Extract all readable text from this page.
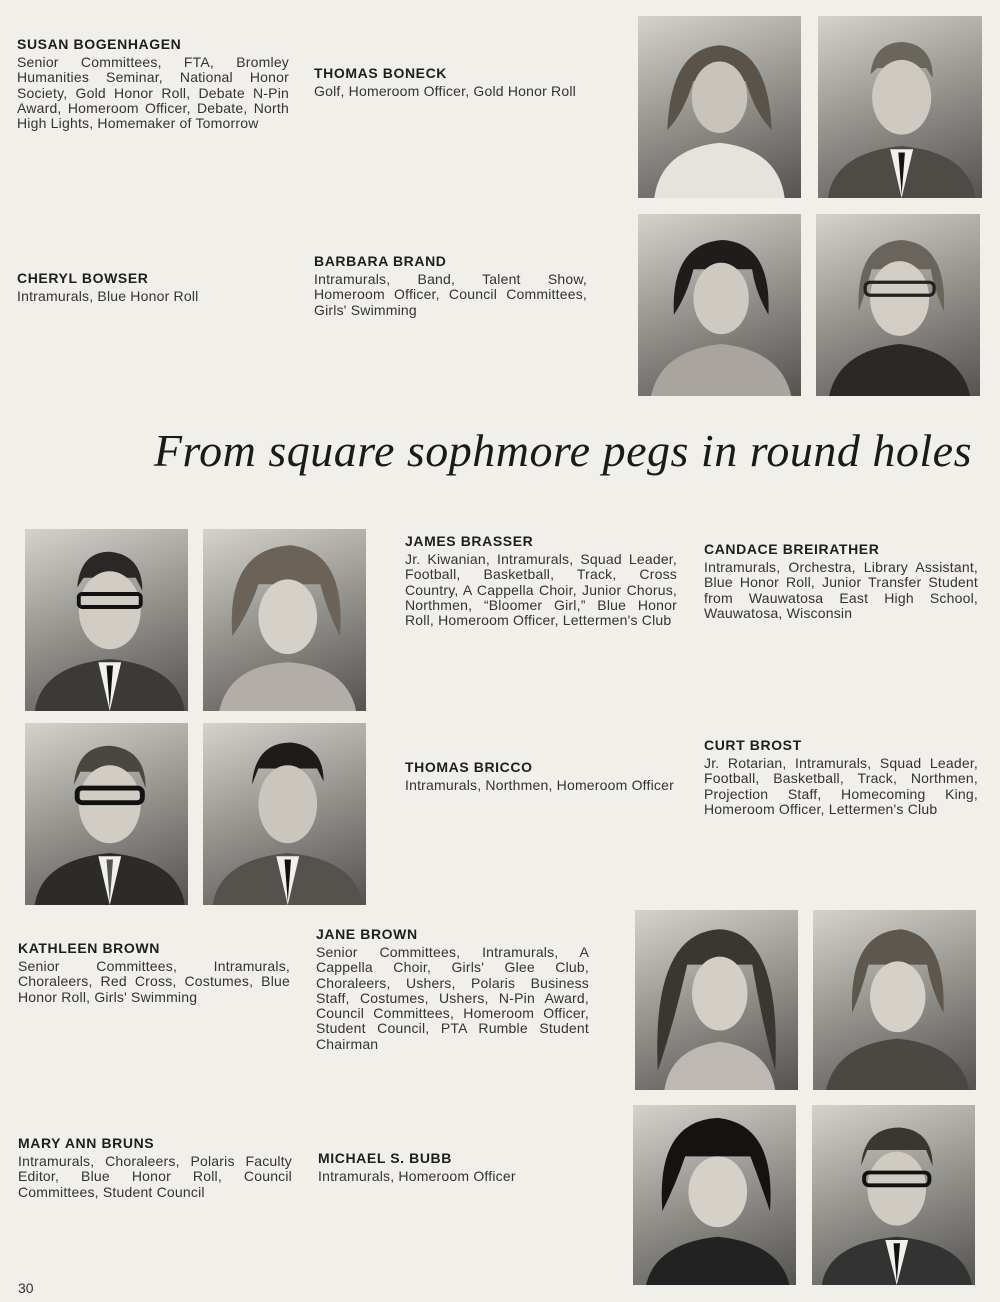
SUSAN BOGENHAGEN
Senior Committees, FTA, Bromley Humanities Seminar, National Honor Society, Gold Honor Roll, Debate N-Pin Award, Homeroom Officer, Debate, North High Lights, Homemaker of Tomorrow
THOMAS BONECK
Golf, Homeroom Officer, Gold Honor Roll
CHERYL BOWSER
Intramurals, Blue Honor Roll
BARBARA BRAND
Intramurals, Band, Talent Show, Homeroom Officer, Council Committees, Girls' Swimming
From square sophmore pegs in round holes
JAMES BRASSER
Jr. Kiwanian, Intramurals, Squad Leader, Football, Basketball, Track, Cross Country, A Cappella Choir, Junior Chorus, Northmen, “Bloomer Girl,” Blue Honor Roll, Homeroom Officer, Lettermen's Club
CANDACE BREIRATHER
Intramurals, Orchestra, Library Assistant, Blue Honor Roll, Junior Transfer Student from Wauwatosa East High School, Wauwatosa, Wisconsin
THOMAS BRICCO
Intramurals, Northmen, Homeroom Officer
CURT BROST
Jr. Rotarian, Intramurals, Squad Leader, Football, Basketball, Track, Northmen, Projection Staff, Homecoming King, Homeroom Officer, Lettermen's Club
KATHLEEN BROWN
Senior Committees, Intramurals, Choraleers, Red Cross, Costumes, Blue Honor Roll, Girls' Swimming
JANE BROWN
Senior Committees, Intramurals, A Cappella Choir, Girls' Glee Club, Choraleers, Ushers, Polaris Business Staff, Costumes, Ushers, N-Pin Award, Council Committees, Homeroom Officer, Student Council, PTA Rumble Student Chairman
MARY ANN BRUNS
Intramurals, Choraleers, Polaris Faculty Editor, Blue Honor Roll, Council Committees, Student Council
MICHAEL S. BUBB
Intramurals, Homeroom Officer
30
